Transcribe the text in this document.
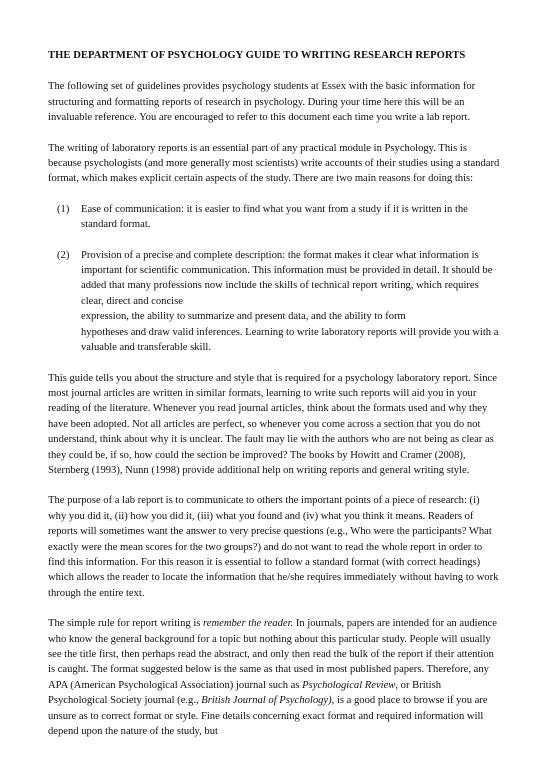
THE DEPARTMENT OF PSYCHOLOGY GUIDE TO WRITING RESEARCH REPORTS

The following set of guidelines provides psychology students at Essex with the basic information for structuring and formatting reports of research in psychology. During your time here this will be an invaluable reference. You are encouraged to refer to this document each time you write a lab report.

The writing of laboratory reports is an essential part of any practical module in Psychology. This is because psychologists (and more generally most scientists) write accounts of their studies using a standard format, which makes explicit certain aspects of the study. There are two main reasons for doing this:

(1) Ease of communication: it is easier to find what you want from a study if it is written in the standard format.
(2) Provision of a precise and complete description: the format makes it clear what information is important for scientific communication. This information must be provided in detail. It should be added that many professions now include the skills of technical report writing, which requires clear, direct and concise
expression, the ability to summarize and present data, and the ability to form
hypotheses and draw valid inferences. Learning to write laboratory reports will provide you with a valuable and transferable skill.

This guide tells you about the structure and style that is required for a psychology laboratory report. Since most journal articles are written in similar formats, learning to write such reports will aid you in your reading of the literature. Whenever you read journal articles, think about the formats used and why they have been adopted. Not all articles are perfect, so whenever you come across a section that you do not understand, think about why it is unclear. The fault may lie with the authors who are not being as clear as they could be, if so, how could the section be improved? The books by Howitt and Cramer (2008), Sternberg (1993), Nunn (1998) provide additional help on writing reports and general writing style.

The purpose of a lab report is to communicate to others the important points of a piece of research: (i) why you did it, (ii) how you did it, (iii) what you found and (iv) what you think it means. Readers of reports will sometimes want the answer to very precise questions (e.g., Who were the participants? What exactly were the mean scores for the two groups?) and do not want to read the whole report in order to find this information. For this reason it is essential to follow a standard format (with correct headings) which allows the reader to locate the information that he/she requires immediately without having to work through the entire text.

The simple rule for report writing is remember the reader. In journals, papers are intended for an audience who know the general background for a topic but nothing about this particular study. People will usually see the title first, then perhaps read the abstract, and only then read the bulk of the report if their attention is caught. The format suggested below is the same as that used in most published papers. Therefore, any APA (American Psychological Association) journal such as Psychological Review, or British Psychological Society journal (e.g., British Journal of Psychology), is a good place to browse if you are unsure as to correct format or style. Fine details concerning exact format and required information will depend upon the nature of the study, but
